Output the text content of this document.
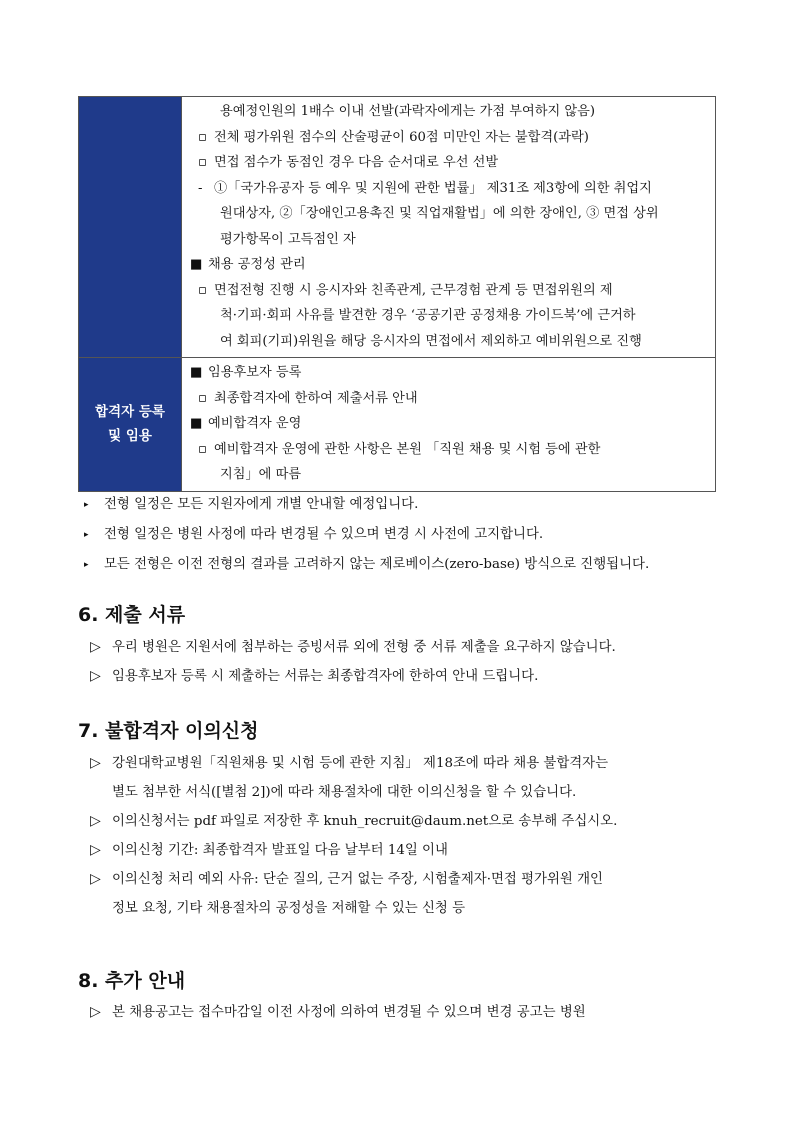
용예정인원의 1배수 이내 선발(과락자에게는 가점 부여하지 않음)
▫ 전체 평가위원 점수의 산술평균이 60점 미만인 자는 불합격(과락)
▫ 면접 점수가 동점인 경우 다음 순서대로 우선 선발
- ①「국가유공자 등 예우 및 지원에 관한 법률」 제31조 제3항에 의한 취업지
원대상자, ②「장애인고용촉진 및 직업재활법」에 의한 장애인, ③ 면접 상위
평가항목이 고득점인 자
■ 채용 공정성 관리
▫ 면접전형 진행 시 응시자와 친족관계, 근무경험 관계 등 면접위원의 제
척·기피·회피 사유를 발견한 경우 ‘공공기관 공정채용 가이드북’에 근거하
여 회피(기피)위원을 해당 응시자의 면접에서 제외하고 예비위원으로 진행
합격자 등록
및 임용
■ 임용후보자 등록
▫ 최종합격자에 한하여 제출서류 안내
■ 예비합격자 운영
▫ 예비합격자 운영에 관한 사항은 본원 「직원 채용 및 시험 등에 관한
지침」에 따름
▸ 전형 일정은 모든 지원자에게 개별 안내할 예정입니다.
▸ 전형 일정은 병원 사정에 따라 변경될 수 있으며 변경 시 사전에 고지합니다.
▸ 모든 전형은 이전 전형의 결과를 고려하지 않는 제로베이스(zero-base) 방식으로 진행됩니다.
6. 제출 서류
▷ 우리 병원은 지원서에 첨부하는 증빙서류 외에 전형 중 서류 제출을 요구하지 않습니다.
▷ 임용후보자 등록 시 제출하는 서류는 최종합격자에 한하여 안내 드립니다.
7. 불합격자 이의신청
▷ 강원대학교병원「직원채용 및 시험 등에 관한 지침」 제18조에 따라 채용 불합격자는
별도 첨부한 서식([별첨 2])에 따라 채용절차에 대한 이의신청을 할 수 있습니다.
▷ 이의신청서는 pdf 파일로 저장한 후 knuh_recruit@daum.net으로 송부해 주십시오.
▷ 이의신청 기간: 최종합격자 발표일 다음 날부터 14일 이내
▷ 이의신청 처리 예외 사유: 단순 질의, 근거 없는 주장, 시험출제자·면접 평가위원 개인
정보 요청, 기타 채용절차의 공정성을 저해할 수 있는 신청 등
8. 추가 안내
▷ 본 채용공고는 접수마감일 이전 사정에 의하여 변경될 수 있으며 변경 공고는 병원
